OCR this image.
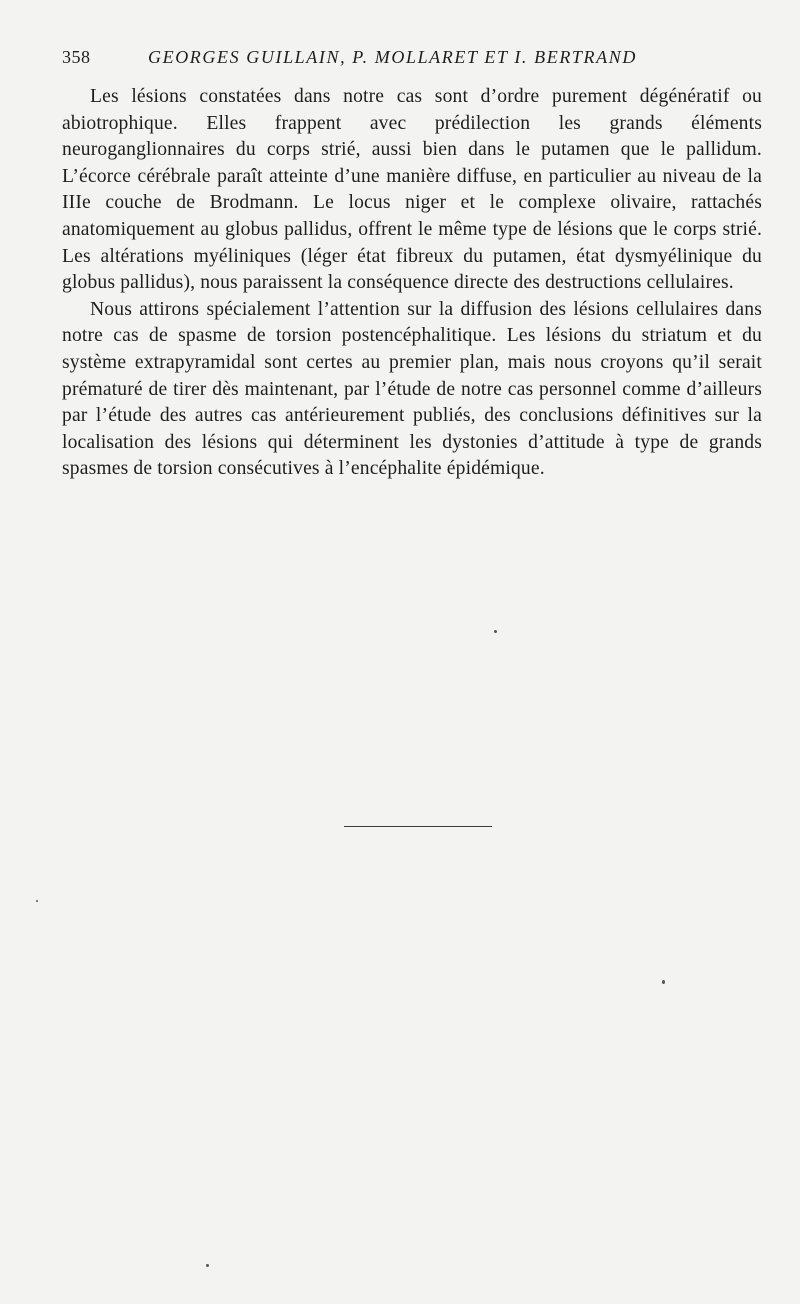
358	GEORGES GUILLAIN, P. MOLLARET ET I. BERTRAND

Les lésions constatées dans notre cas sont d’ordre purement dégénératif ou abiotrophique. Elles frappent avec prédilection les grands éléments neuroganglionnaires du corps strié, aussi bien dans le putamen que le pallidum. L’écorce cérébrale paraît atteinte d’une manière diffuse, en particulier au niveau de la IIIe couche de Brodmann. Le locus niger et le complexe olivaire, rattachés anatomiquement au globus pallidus, offrent le même type de lésions que le corps strié. Les altérations myéliniques (léger état fibreux du putamen, état dysmyélinique du globus pallidus), nous paraissent la conséquence directe des destructions cellulaires.

Nous attirons spécialement l’attention sur la diffusion des lésions cellulaires dans notre cas de spasme de torsion postencéphalitique. Les lésions du striatum et du système extrapyramidal sont certes au premier plan, mais nous croyons qu’il serait prématuré de tirer dès maintenant, par l’étude de notre cas personnel comme d’ailleurs par l’étude des autres cas antérieurement publiés, des conclusions définitives sur la localisation des lésions qui déterminent les dystonies d’attitude à type de grands spasmes de torsion consécutives à l’encéphalite épidémique.
